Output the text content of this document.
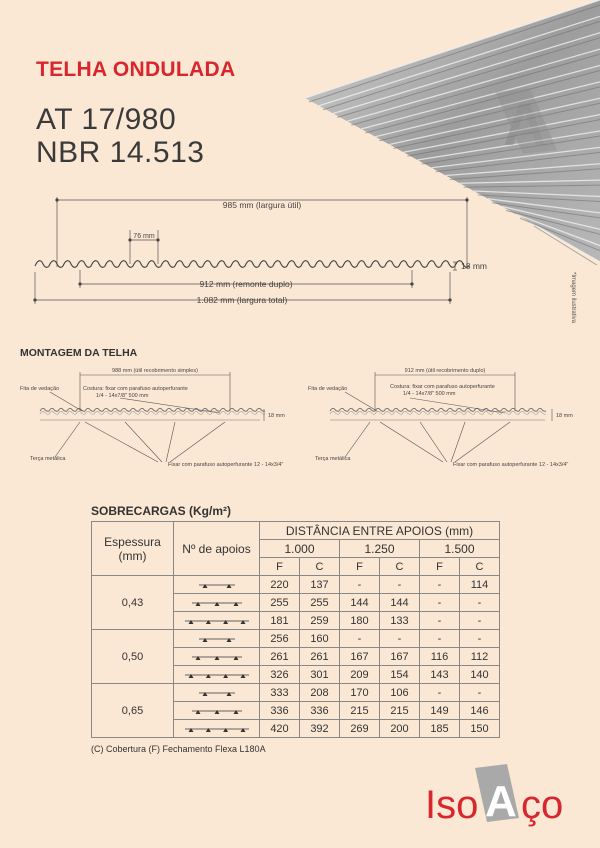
TELHA ONDULADA
AT 17/980
NBR 14.513	A
*Imagem ilustrativa
985 mm (largura útil)
76 mm
18 mm
912 mm (remonte duplo)
1.082 mm (largura total)
MONTAGEM DA TELHA
988 mm (útil recobrimento simples)
Fita de vedação	Costura: fixar com parafuso autoperfurante
1/4 - 14x7/8" 500 mm
18 mm
Terça metálica
Fixar com parafuso autoperfurante 12 - 14x3/4"
912 mm (útil recobrimento duplo)
Fita de vedação	Costura: fixar com parafuso autoperfurante
1/4 - 14x7/8" 500 mm
18 mm
Terça metálica
Fixar com parafuso autoperfurante 12 - 14x3/4"
SOBRECARGAS (Kg/m²)
Espessura (mm)	Nº de apoios	DISTÂNCIA ENTRE APOIOS (mm)					
		1.000		1.250		1.500	
		F	C	F	C	F	C
0,43		220	137	-	-	-	114
	255	255	144	144	-	-
	181	259	180	133	-	-
0,50		256	160	-	-	-	-
	261	261	167	167	116	112
	326	301	209	154	143	140
0,65		333	208	170	106	-	-
	336	336	215	215	149	146
	420	392	269	200	185	150
(C) Cobertura (F) Fechamento Flexa L180A
Iso A ço
